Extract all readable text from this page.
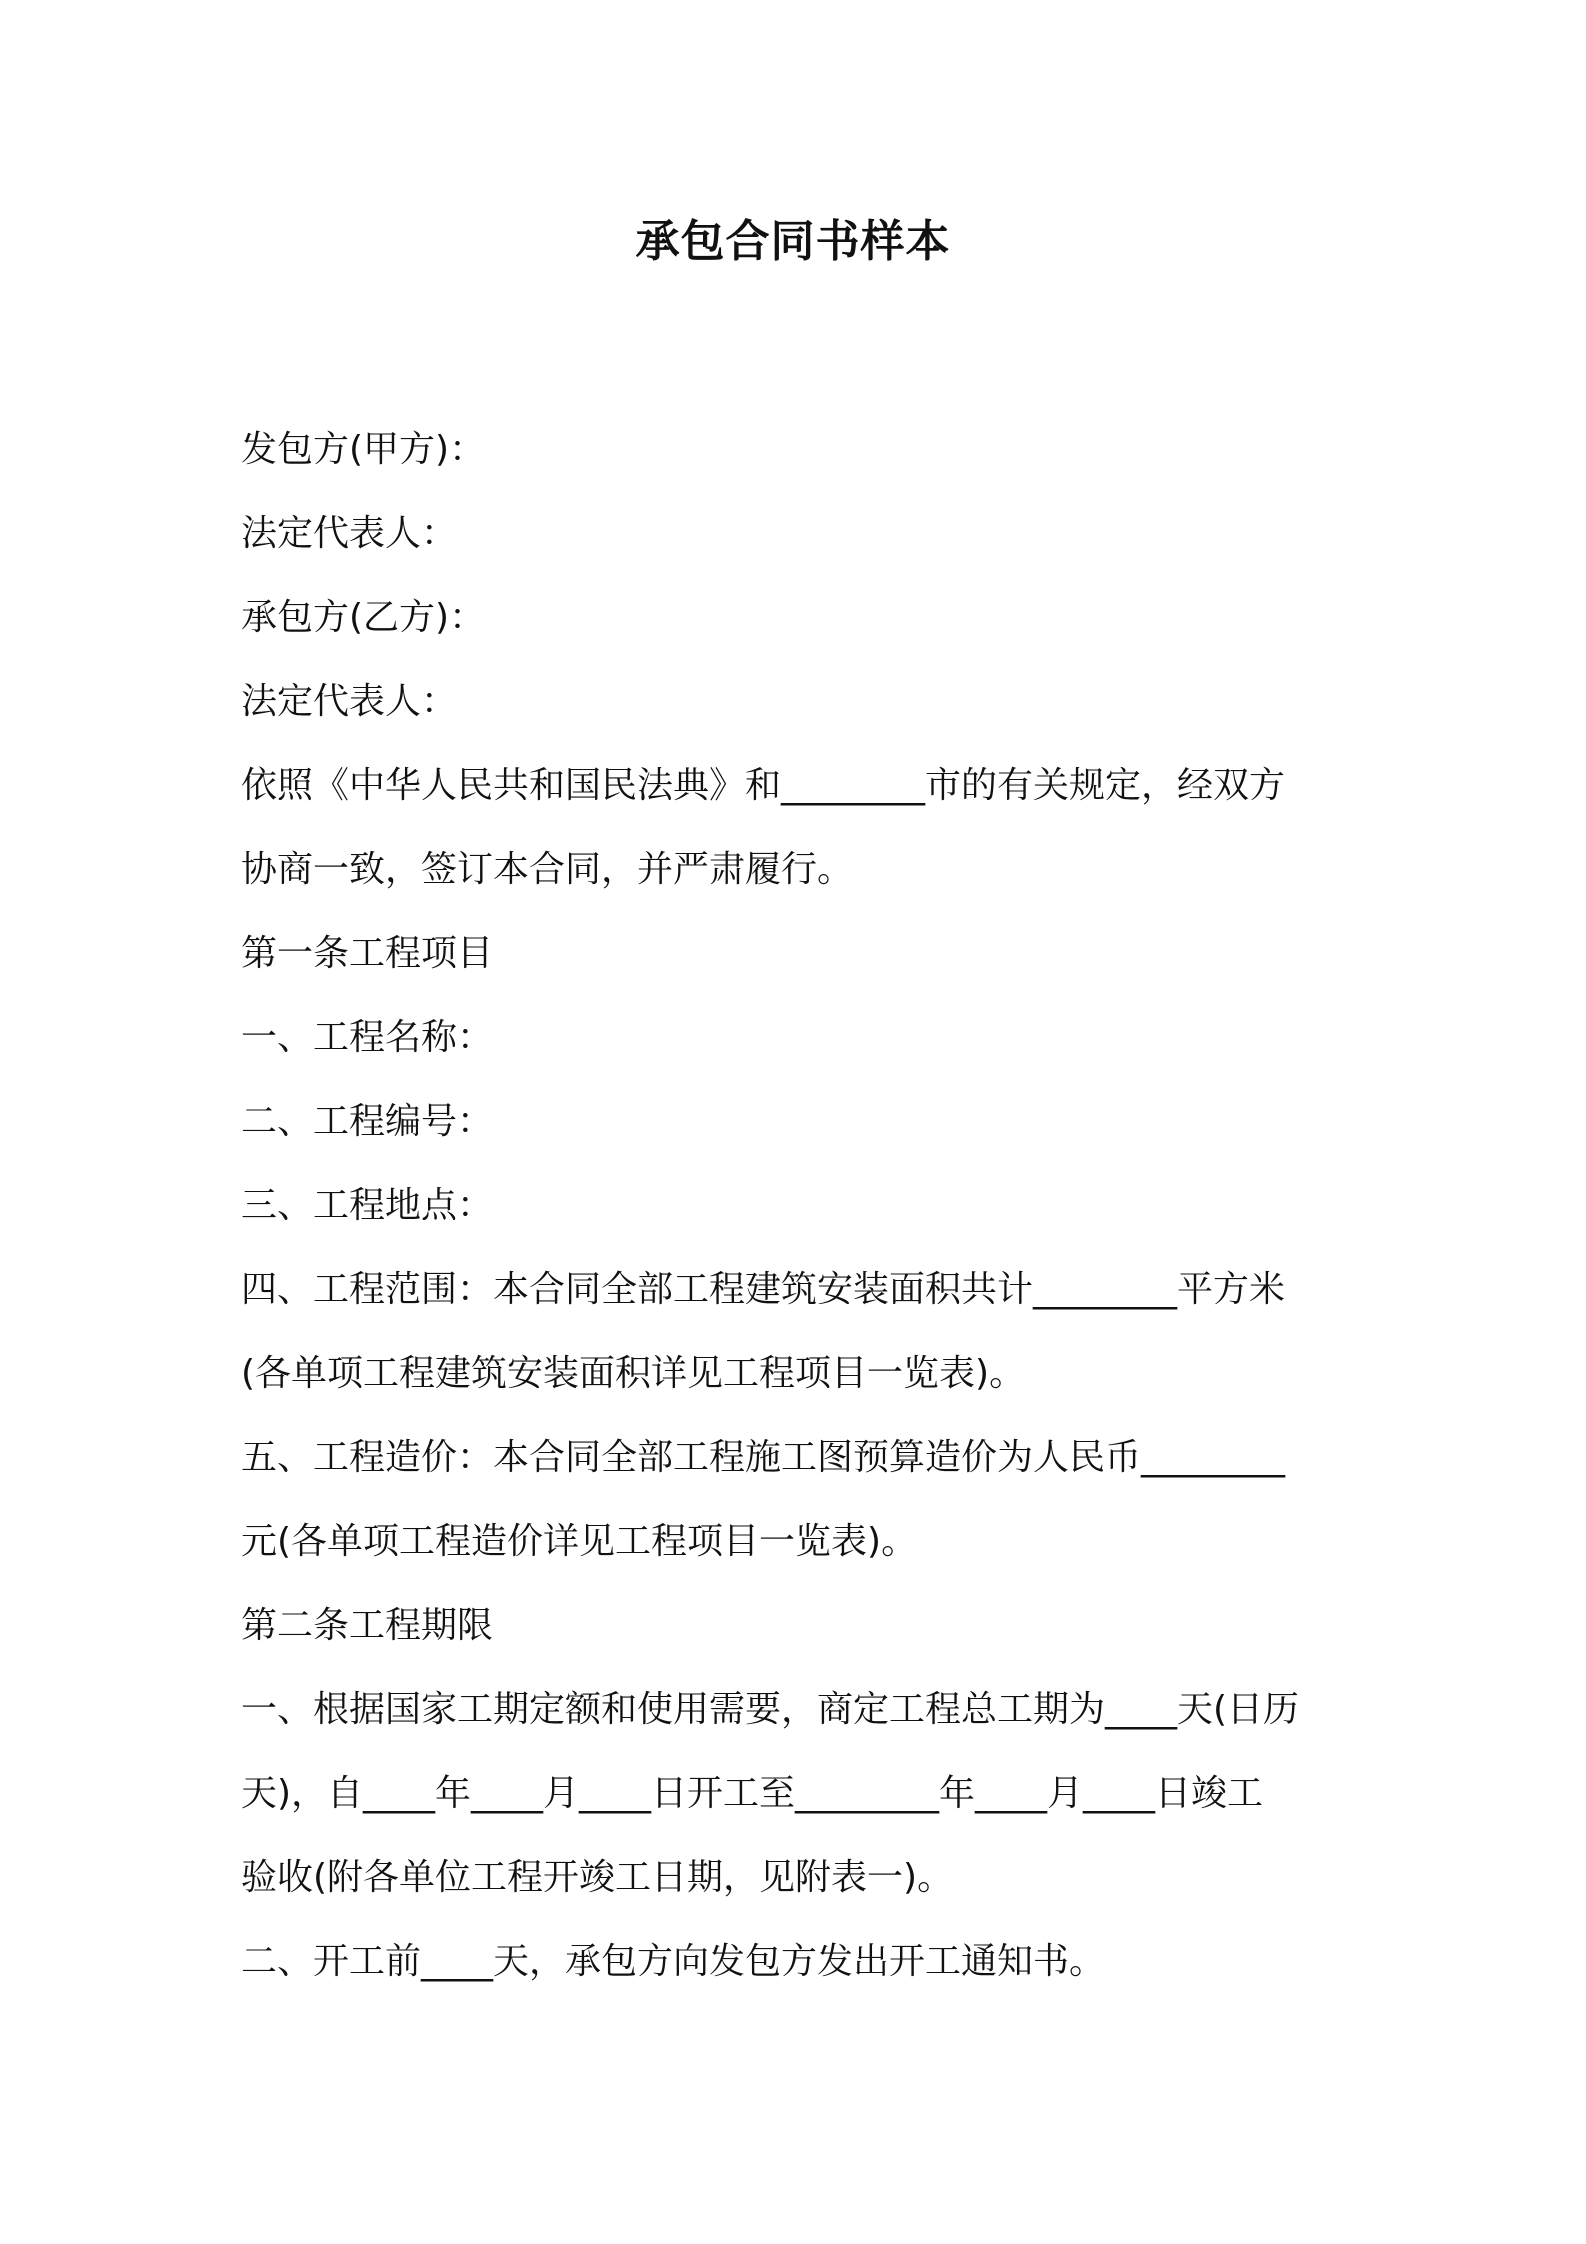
承包合同书样本
发包方(甲方)：
法定代表人：
承包方(乙方)：
法定代表人：
依照《中华人民共和国民法典》和________市的有关规定，经双方
协商一致，签订本合同，并严肃履行。
第一条工程项目
一、工程名称：
二、工程编号：
三、工程地点：
四、工程范围：本合同全部工程建筑安装面积共计________平方米
(各单项工程建筑安装面积详见工程项目一览表)。
五、工程造价：本合同全部工程施工图预算造价为人民币________
元(各单项工程造价详见工程项目一览表)。
第二条工程期限
一、根据国家工期定额和使用需要，商定工程总工期为____天(日历
天)，自____年____月____日开工至________年____月____日竣工
验收(附各单位工程开竣工日期，见附表一)。
二、开工前____天，承包方向发包方发出开工通知书。
